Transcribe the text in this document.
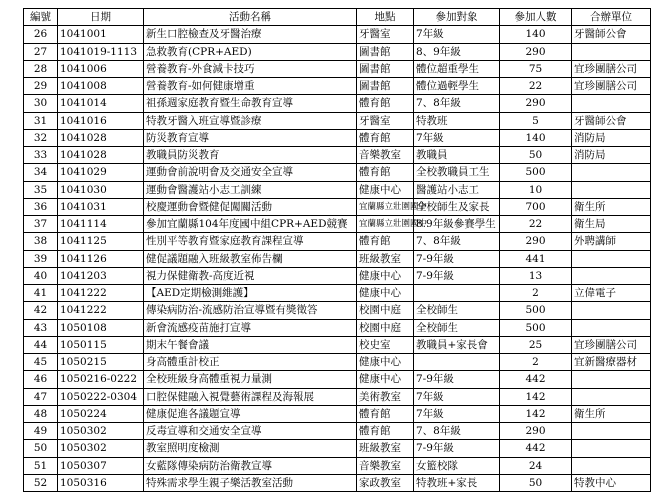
編號	日期	活動名稱	地點	參加對象	參加人數	合辦單位
26	1041001	新生口腔檢查及牙醫治療	牙醫室	7年級	140	牙醫師公會
27	1041019-1113	急救教育(CPR+AED)	圖書館	8、9年級	290	
28	1041006	營養教育-外食減卡技巧	圖書館	體位超重學生	75	宜珍團膳公司
29	1041008	營養教育-如何健康增重	圖書館	體位過輕學生	22	宜珍團膳公司
30	1041014	祖孫週家庭教育暨生命教育宣導	體育館	7、8年級	290	
31	1041016	特教牙醫入班宣導暨診療	牙醫室	特教班	5	牙醫師公會
32	1041028	防災教育宣導	體育館	7年級	140	消防局
33	1041028	教職員防災教育	音樂教室	教職員	50	消防局
34	1041029	運動會前說明會及交通安全宣導	體育館	全校教職員工生	500	
35	1041030	運動會醫護站小志工訓練	健康中心	醫護站小志工	10	
36	1041031	校慶運動會暨健促闖關活動	宜蘭縣立壯圍國中	全校師生及家長	700	衛生所
37	1041114	參加宜蘭縣104年度國中組CPR+AED競賽	宜蘭縣立壯圍國中	8.9年級參賽學生	22	衛生局
38	1041125	性別平等教育暨家庭教育課程宣導	體育館	7、8年級	290	外聘講師
39	1041126	健促議題融入班級教室佈告欄	班級教室	7-9年級	441	
40	1041203	視力保健衛教-高度近視	健康中心	7-9年級	13	
41	1041222	【AED定期檢測維護】	健康中心		2	立偉電子
42	1041222	傳染病防治-流感防治宣導暨有獎徵答	校園中庭	全校師生	500	
43	1050108	新會流感疫苗施打宣導	校園中庭	全校師生	500	
44	1050115	期末午餐會議	校史室	教職員+家長會	25	宜珍團膳公司
45	1050215	身高體重計校正	健康中心		2	宜新醫療器材
46	1050216-0222	全校班級身高體重視力量測	健康中心	7-9年級	442	
47	1050222-0304	口腔保健融入視覺藝術課程及海報展	美術教室	7年級	142	
48	1050224	健康促進各議題宣導	體育館	7年級	142	衛生所
49	1050302	反毒宣導和交通安全宣導	體育館	7、8年級	290	
50	1050302	教室照明度檢測	班級教室	7-9年級	442	
51	1050307	女藍隊傳染病防治衛教宣導	音樂教室	女籃校隊	24	
52	1050316	特殊需求學生親子樂活教室活動	家政教室	特教班+家長	50	特教中心
